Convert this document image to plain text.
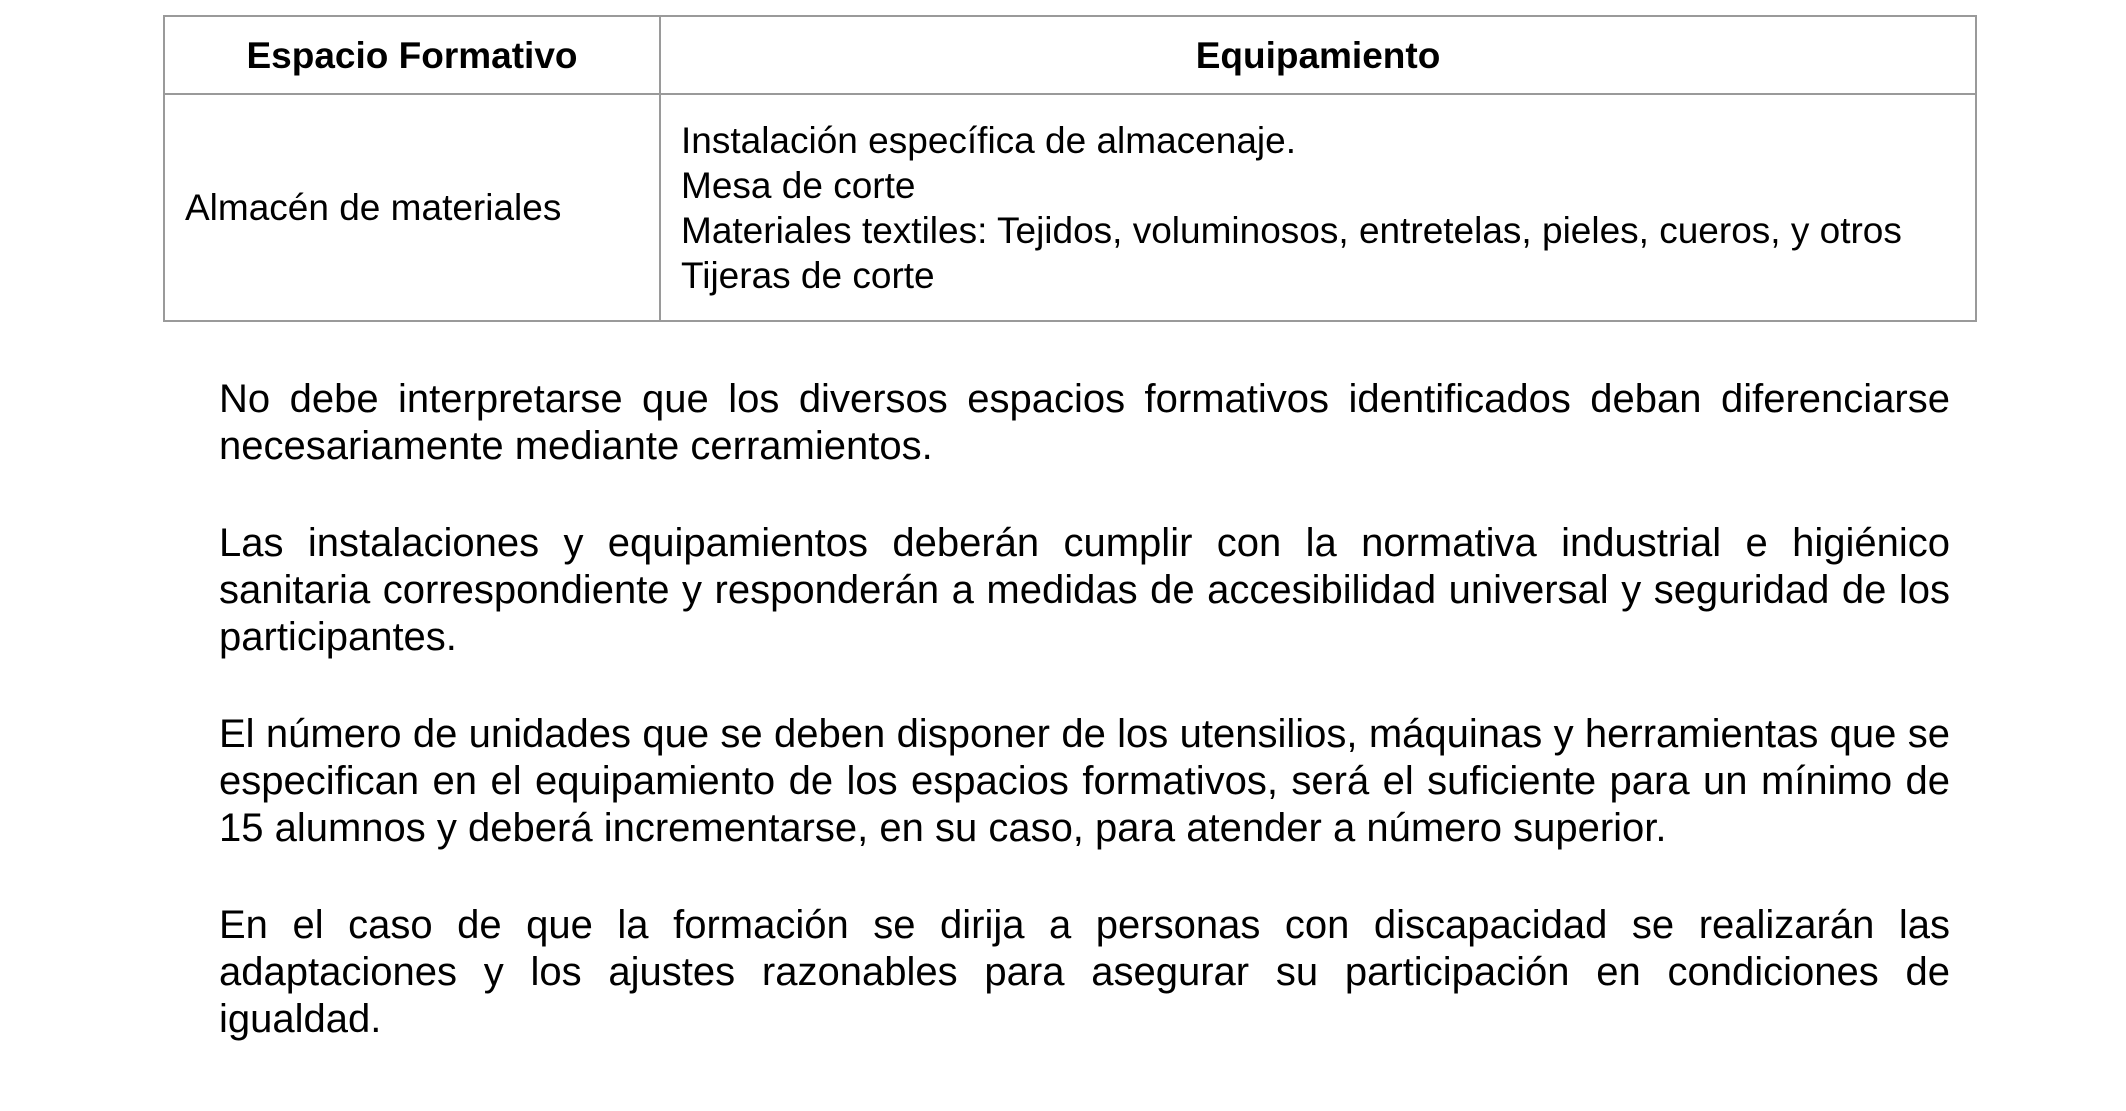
Espacio Formativo	Equipamiento
Almacén de materiales	Instalación específica de almacenaje.
Mesa de corte
Materiales textiles: Tejidos, voluminosos, entretelas, pieles, cueros, y otros
Tijeras de corte

No debe interpretarse que los diversos espacios formativos identificados deban diferenciarse necesariamente mediante cerramientos.

Las instalaciones y equipamientos deberán cumplir con la normativa industrial e higiénico sanitaria correspondiente y responderán a medidas de accesibilidad universal y seguridad de los participantes.

El número de unidades que se deben disponer de los utensilios, máquinas y herramientas que se especifican en el equipamiento de los espacios formativos, será el suficiente para un mínimo de 15 alumnos y deberá incrementarse, en su caso, para atender a número superior.

En el caso de que la formación se dirija a personas con discapacidad se realizarán las adaptaciones y los ajustes razonables para asegurar su participación en condiciones de igualdad.
